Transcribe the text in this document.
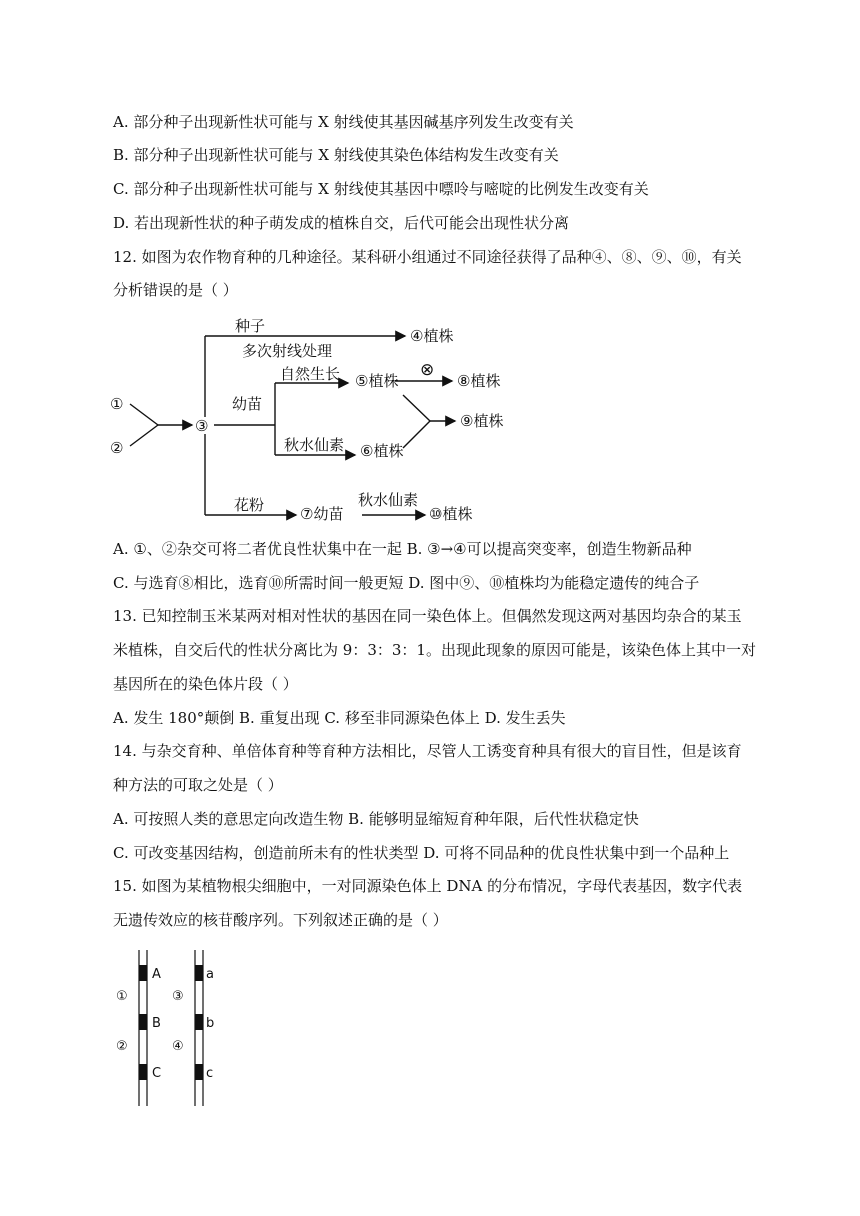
A. 部分种子出现新性状可能与 X 射线使其基因碱基序列发生改变有关
B. 部分种子出现新性状可能与 X 射线使其染色体结构发生改变有关
C. 部分种子出现新性状可能与 X 射线使其基因中嘌呤与嘧啶的比例发生改变有关
D. 若出现新性状的种子萌发成的植株自交，后代可能会出现性状分离
12. 如图为农作物育种的几种途径。某科研小组通过不同途径获得了品种④、⑧、⑨、⑩，有关
分析错误的是（ ）
①
②
③
种子
多次射线处理
④植株
幼苗
自然生长 ⑤植株
⊗
⑧植株
⑨植株
秋水仙素 ⑥植株
花粉 ⑦幼苗
秋水仙素
⑩植株
A. ①、②杂交可将二者优良性状集中在一起 B. ③→④可以提高突变率，创造生物新品种
C. 与选育⑧相比，选育⑩所需时间一般更短 D. 图中⑨、⑩植株均为能稳定遗传的纯合子
13. 已知控制玉米某两对相对性状的基因在同一染色体上。但偶然发现这两对基因均杂合的某玉
米植株，自交后代的性状分离比为 9：3：3：1。出现此现象的原因可能是，该染色体上其中一对
基因所在的染色体片段（ ）
A. 发生 180°颠倒 B. 重复出现 C. 移至非同源染色体上 D. 发生丢失
14. 与杂交育种、单倍体育种等育种方法相比，尽管人工诱变育种具有很大的盲目性，但是该育
种方法的可取之处是（ ）
A. 可按照人类的意思定向改造生物 B. 能够明显缩短育种年限，后代性状稳定快
C. 可改变基因结构，创造前所未有的性状类型 D. 可将不同品种的优良性状集中到一个品种上
15. 如图为某植物根尖细胞中，一对同源染色体上 DNA 的分布情况，字母代表基因，数字代表
无遗传效应的核苷酸序列。下列叙述正确的是（ ）
①
②
③
④
A
B
C
a
b
c
